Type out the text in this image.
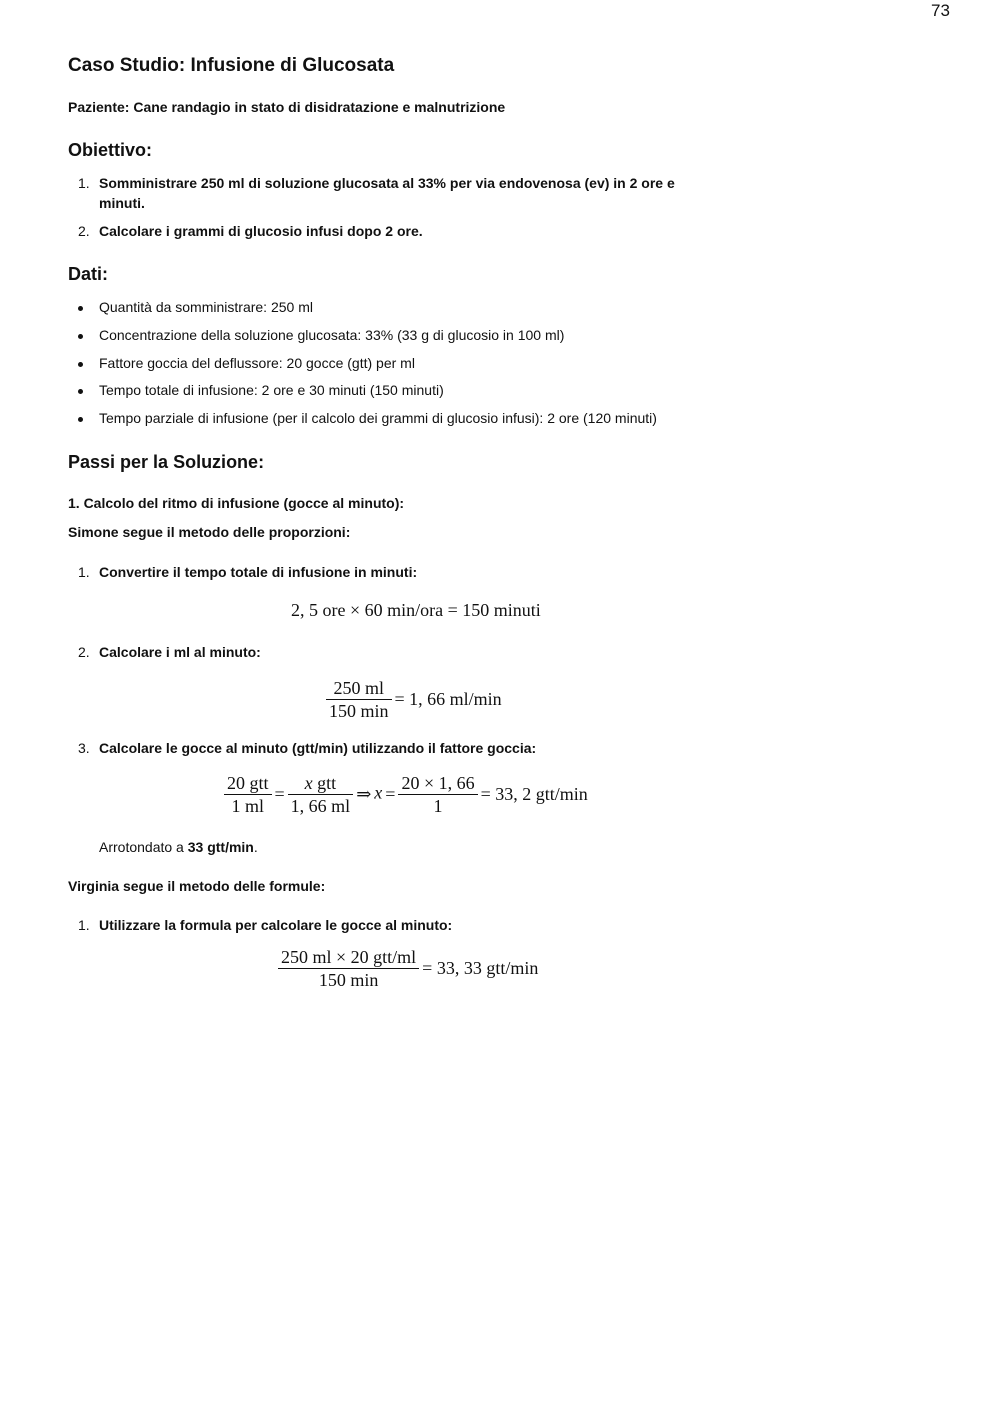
73
Caso Studio: Infusione di Glucosata
Paziente: Cane randagio in stato di disidratazione e malnutrizione
Obiettivo:
1. Somministrare 250 ml di soluzione glucosata al 33% per via endovenosa (ev) in 2 ore e
minuti.
2. Calcolare i grammi di glucosio infusi dopo 2 ore.
Dati:
Quantità da somministrare: 250 ml
Concentrazione della soluzione glucosata: 33% (33 g di glucosio in 100 ml)
Fattore goccia del deflussore: 20 gocce (gtt) per ml
Tempo totale di infusione: 2 ore e 30 minuti (150 minuti)
Tempo parziale di infusione (per il calcolo dei grammi di glucosio infusi): 2 ore (120 minuti)
Passi per la Soluzione:
1. Calcolo del ritmo di infusione (gocce al minuto):
Simone segue il metodo delle proporzioni:
1. Convertire il tempo totale di infusione in minuti:
2, 5 ore × 60 min/ora = 150 minuti
2. Calcolare i ml al minuto:
$\frac{250 ml}{150 \min} = 1$, 66 ml/min
3. Calcolare le gocce al minuto (gtt/min) utilizzando il fattore goccia:
$\frac{\text{20 gtt}}{1 ml} = \frac{\text{x gtt}}{1, 66 ml}$ ⇒ $x = \frac{20 \times 1, 66}{1} = 33$, 2 gtt/min
Arrotondato a 33 gtt/min.
Virginia segue il metodo delle formule:
1. Utilizzare la formula per calcolare le gocce al minuto:
$\frac{\text{250 ml × 20 gtt/ml}}{150 \min} = 33$, 33 gtt/min
